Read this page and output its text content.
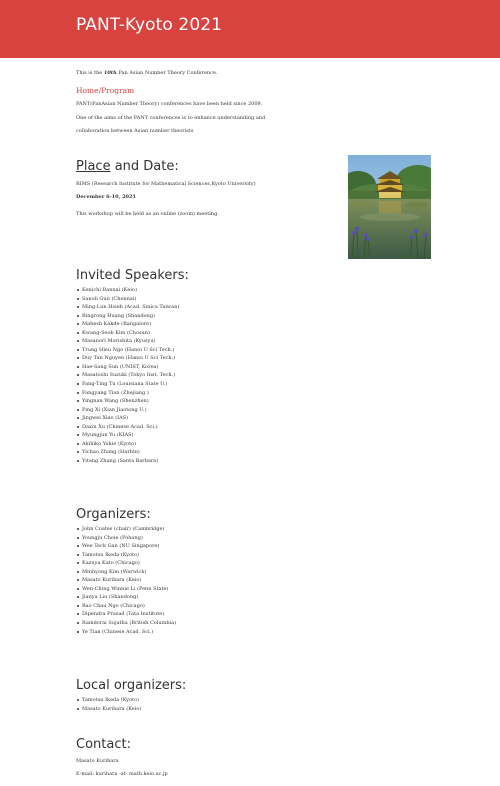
PANT-Kyoto 2021
This is the 10th Pan Asian Number Theory Conference.
Home/Program
PANT(PanAsian Number Theory) conferences have been held since 2009.
One of the aims of the PANT conferences is to enhance understanding and
collaboration between Asian number theorists
Place and Date:
RIMS (Research Institute for Mathematical Sciences,Kyoto University)
December 6-10, 2021
This workshop will be held as an online (zoom) meeting.
Invited Speakers:
Kenichi Bannai (Keio)
Sanoli Gun (Chennai)
Ming-Lun Hsieh (Acad. Sinica Taiwan)
Bingrong Huang (Shandong)
Mahesh Kakde (Bangalore)
Kwang-Seob Kim (Chosun)
Masanori Morishita (Kyusyu)
Trung Hieu Ngo (Hanoi U Sci Tech.)
Duy Tan Nguyen (Hanoi U Sci Tech.)
Hae-Sang Sun (UNIST, Korea)
Masatoshi Suzuki (Tokyo Inst. Tech.)
Fang-Ting Tu (Louisiana State U.)
Fangyang Tian (Zhejiang )
Yingnan Wang (Shenzhen)
Ping Xi (Xian Jiaotong U.)
Jingwei Xiao (IAS)
Daxin Xu (Chinese Acad. Sci.)
Myungjun Yu (KIAS)
Akihiko Yukie (Kyoto)
Yichao Zhang (Harbin)
Yitang Zhang (Santa Barbara)
Organizers:
John Coates (chair) (Cambridge)
Youngju Choie (Pohang)
Wee Teck Gan (NU Singapore)
Tamotsu Ikeda (Kyoto)
Kazuya Kato (Chicago)
Minhyong Kim (Warwick)
Masato Kurihara (Keio)
Wen-Ching Winnie Li (Penn State)
Jianya Liu (Shandong)
Bao Chau Ngo (Chicago)
Dipendra Prasad (Tata Institute)
Ramdorai Sujatha (British Columbia)
Ye Tian (Chinese Acad. Sci.)
Local organizers:
Tamotsu Ikeda (Kyoto)
Masato Kurihara (Keio)
Contact:
Masato Kurihara
E-mail: kurihara -at- math.keio.ac.jp
